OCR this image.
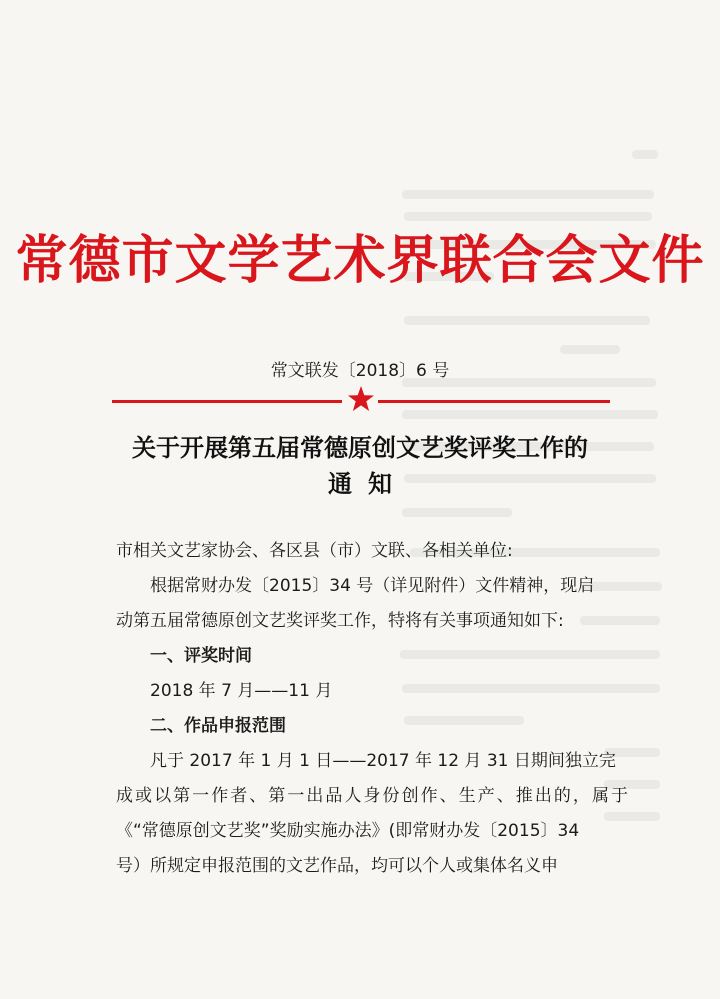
常德市文学艺术界联合会文件
常文联发〔2018〕6 号
关于开展第五届常德原创文艺奖评奖工作的
通知

市相关文艺家协会、各区县（市）文联、各相关单位:

根据常财办发〔2015〕34 号（详见附件）文件精神，现启

动第五届常德原创文艺奖评奖工作，特将有关事项通知如下:

一、评奖时间

2018 年 7 月——11 月

二、作品申报范围

凡于 2017 年 1 月 1 日——2017 年 12 月 31 日期间独立完

成或以第一作者、第一出品人身份创作、生产、推出的，属于

《“常德原创文艺奖”奖励实施办法》(即常财办发〔2015〕34

号）所规定申报范围的文艺作品，均可以个人或集体名义申
